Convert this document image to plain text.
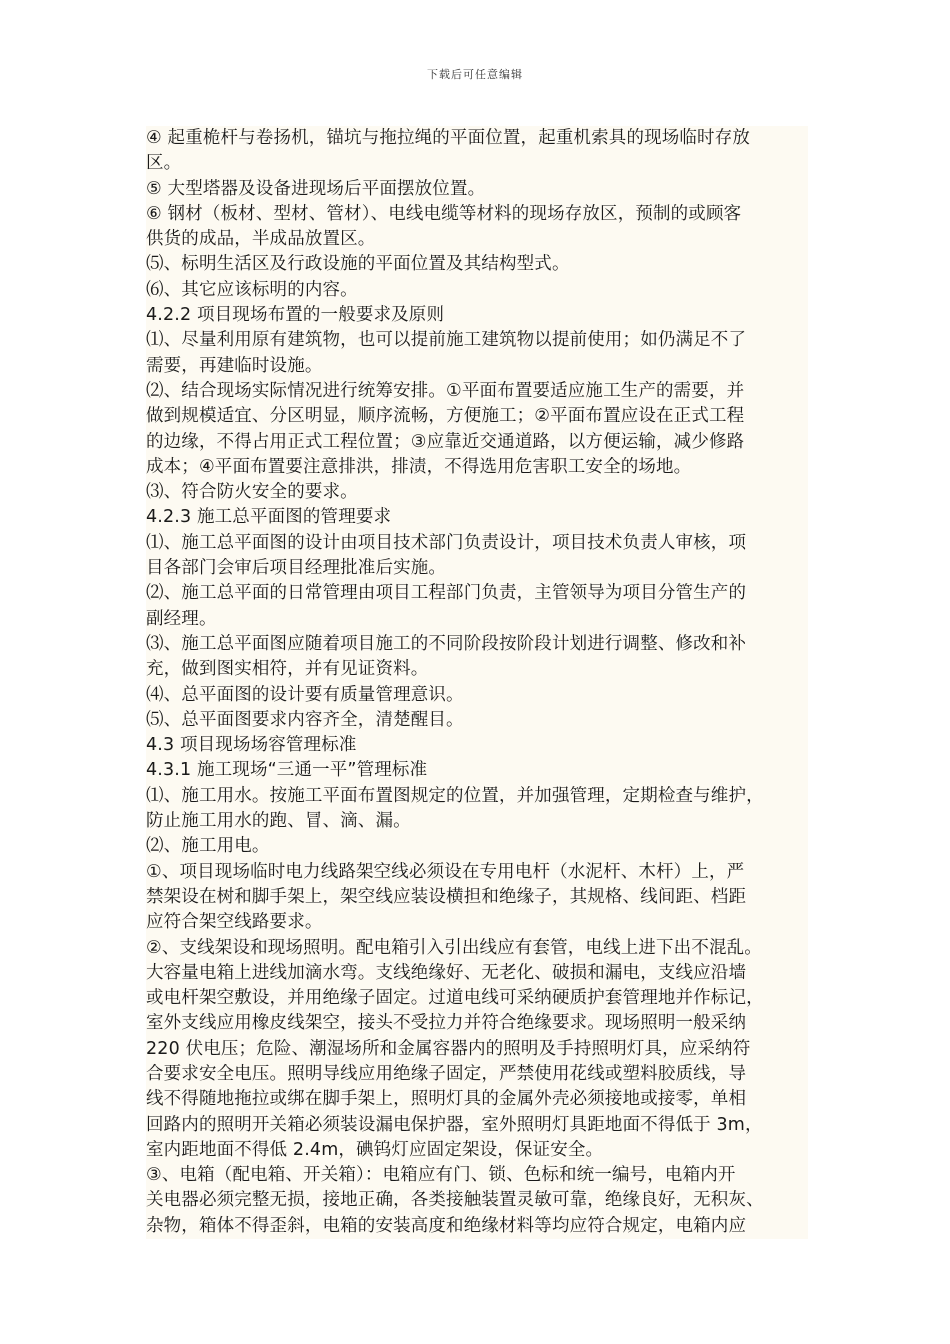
下载后可任意编辑
④ 起重桅杆与卷扬机，锚坑与拖拉绳的平面位置，起重机索具的现场临时存放
区。
⑤ 大型塔器及设备进现场后平面摆放位置。
⑥ 钢材（板材、型材、管材）、电线电缆等材料的现场存放区，预制的或顾客
供货的成品，半成品放置区。
⑸、标明生活区及行政设施的平面位置及其结构型式。
⑹、其它应该标明的内容。
4.2.2 项目现场布置的一般要求及原则
⑴、尽量利用原有建筑物，也可以提前施工建筑物以提前使用；如仍满足不了
需要，再建临时设施。
⑵、结合现场实际情况进行统筹安排。①平面布置要适应施工生产的需要，并
做到规模适宜、分区明显，顺序流畅，方便施工；②平面布置应设在正式工程
的边缘，不得占用正式工程位置；③应靠近交通道路，以方便运输，减少修路
成本；④平面布置要注意排洪，排渍，不得选用危害职工安全的场地。
⑶、符合防火安全的要求。
4.2.3 施工总平面图的管理要求
⑴、施工总平面图的设计由项目技术部门负责设计，项目技术负责人审核，项
目各部门会审后项目经理批准后实施。
⑵、施工总平面的日常管理由项目工程部门负责，主管领导为项目分管生产的
副经理。
⑶、施工总平面图应随着项目施工的不同阶段按阶段计划进行调整、修改和补
充，做到图实相符，并有见证资料。
⑷、总平面图的设计要有质量管理意识。
⑸、总平面图要求内容齐全，清楚醒目。
4.3 项目现场场容管理标准
4.3.1 施工现场“三通一平”管理标准
⑴、施工用水。按施工平面布置图规定的位置，并加强管理，定期检查与维护，
防止施工用水的跑、冒、滴、漏。
⑵、施工用电。
①、项目现场临时电力线路架空线必须设在专用电杆（水泥杆、木杆）上，严
禁架设在树和脚手架上，架空线应装设横担和绝缘子，其规格、线间距、档距
应符合架空线路要求。
②、支线架设和现场照明。配电箱引入引出线应有套管，电线上进下出不混乱。
大容量电箱上进线加滴水弯。支线绝缘好、无老化、破损和漏电，支线应沿墙
或电杆架空敷设，并用绝缘子固定。过道电线可采纳硬质护套管理地并作标记，
室外支线应用橡皮线架空，接头不受拉力并符合绝缘要求。现场照明一般采纳
220 伏电压；危险、潮湿场所和金属容器内的照明及手持照明灯具，应采纳符
合要求安全电压。照明导线应用绝缘子固定，严禁使用花线或塑料胶质线，导
线不得随地拖拉或绑在脚手架上，照明灯具的金属外壳必须接地或接零，单相
回路内的照明开关箱必须装设漏电保护器，室外照明灯具距地面不得低于 3m，
室内距地面不得低 2.4m，碘钨灯应固定架设，保证安全。
③、电箱（配电箱、开关箱）：电箱应有门、锁、色标和统一编号，电箱内开
关电器必须完整无损，接地正确，各类接触装置灵敏可靠，绝缘良好，无积灰、
杂物，箱体不得歪斜，电箱的安装高度和绝缘材料等均应符合规定，电箱内应
